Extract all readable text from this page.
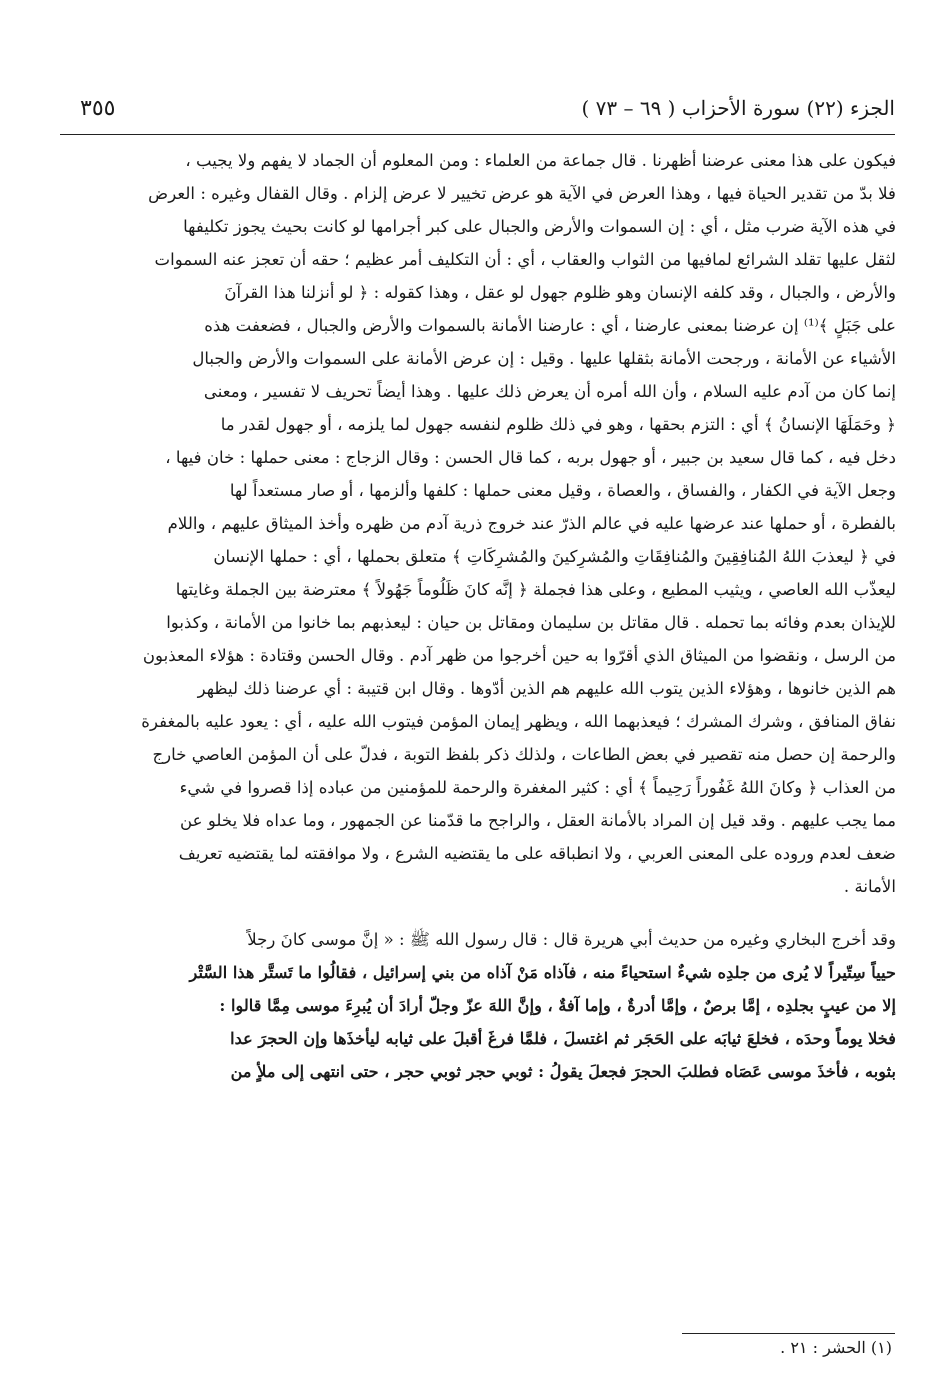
الجزء (٢٢) سورة الأحزاب ( ٦٩ – ٧٣ )
٣٥٥
فيكون على هذا معنى عرضنا أظهرنا . قال جماعة من العلماء : ومن المعلوم أن الجماد لا يفهم ولا يجيب ،
فلا بدّ من تقدير الحياة فيها ، وهذا العرض في الآية هو عرض تخيير لا عرض إلزام . وقال القفال وغيره : العرض
في هذه الآية ضرب مثل ، أي : إن السموات والأرض والجبال على كبر أجرامها لو كانت بحيث يجوز تكليفها
لثقل عليها تقلد الشرائع لمافيها من الثواب والعقاب ، أي : أن التكليف أمر عظيم ؛ حقه أن تعجز عنه السموات
والأرض ، والجبال ، وقد كلفه الإنسان وهو ظلوم جهول لو عقل ، وهذا كقوله : ﴿ لو أنزلنا هذا القرآنَ
على جَبَلٍ ﴾⁽¹⁾ إن عرضنا بمعنى عارضنا ، أي : عارضنا الأمانة بالسموات والأرض والجبال ، فضعفت هذه
الأشياء عن الأمانة ، ورجحت الأمانة بثقلها عليها . وقيل : إن عرض الأمانة على السموات والأرض والجبال
إنما كان من آدم عليه السلام ، وأن الله أمره أن يعرض ذلك عليها . وهذا أيضاً تحريف لا تفسير ، ومعنى
﴿ وحَمَلَهَا الإنسانُ ﴾ أي : التزم بحقها ، وهو في ذلك ظلوم لنفسه جهول لما يلزمه ، أو جهول لقدر ما
دخل فيه ، كما قال سعيد بن جبير ، أو جهول بربه ، كما قال الحسن : وقال الزجاج : معنى حملها : خان فيها ،
وجعل الآية في الكفار ، والفساق ، والعصاة ، وقيل معنى حملها : كلفها وألزمها ، أو صار مستعداً لها
بالفطرة ، أو حملها عند عرضها عليه في عالم الذرّ عند خروج ذرية آدم من ظهره وأخذ الميثاق عليهم ، واللام
في ﴿ ليعذبَ اللهُ المُنافِقِينَ والمُنافِقَاتِ والمُشرِكينَ والمُشرِكَاتِ ﴾ متعلق بحملها ، أي : حملها الإنسان
ليعذّب الله العاصي ، ويثيب المطيع ، وعلى هذا فجملة ﴿ إنَّه كانَ ظَلُوماً جَهُولاً ﴾ معترضة بين الجملة وغايتها
للإيذان بعدم وفائه بما تحمله . قال مقاتل بن سليمان ومقاتل بن حيان : ليعذبهم بما خانوا من الأمانة ، وكذبوا
من الرسل ، ونقضوا من الميثاق الذي أقرّوا به حين أخرجوا من ظهر آدم . وقال الحسن وقتادة : هؤلاء المعذبون
هم الذين خانوها ، وهؤلاء الذين يتوب الله عليهم هم الذين أدّوها . وقال ابن قتيبة : أي عرضنا ذلك ليظهر
نفاق المنافق ، وشرك المشرك ؛ فيعذبهما الله ، ويظهر إيمان المؤمن فيتوب الله عليه ، أي : يعود عليه بالمغفرة
والرحمة إن حصل منه تقصير في بعض الطاعات ، ولذلك ذكر بلفظ التوبة ، فدلّ على أن المؤمن العاصي خارج
من العذاب ﴿ وكانَ اللهُ غَفُوراً رَحِيماً ﴾ أي : كثير المغفرة والرحمة للمؤمنين من عباده إذا قصروا في شيء
مما يجب عليهم . وقد قيل إن المراد بالأمانة العقل ، والراجح ما قدّمنا عن الجمهور ، وما عداه فلا يخلو عن
ضعف لعدم وروده على المعنى العربي ، ولا انطباقه على ما يقتضيه الشرع ، ولا موافقته لما يقتضيه تعريف
الأمانة .
وقد أخرج البخاري وغيره من حديث أبي هريرة قال : قال رسول الله ﷺ : « إنَّ موسى كانَ رجلاً
حيياً سِتّيراً لا يُرى من جلدِه شيءٌ استحياءً منه ، فآذاه مَنْ آذاه من بني إسرائيل ، فقالُوا ما تَستَّر هذا السَّتْر
إلا من عيبٍ بجلدِه ، إمَّا برصٌ ، وإمَّا أدرةٌ ، وإما آفةٌ ، وإنَّ اللهَ عزّ وجلّ أرادَ أن يُبرِءَ موسى مِمَّا قالوا :
فخلا يوماً وحدَه ، فخلعَ ثيابَه على الحَجَر ثم اغتسلَ ، فلمَّا فرغَ أقبلَ على ثيابه ليأخذَها وإن الحجرَ عدا
بثوبه ، فأخذَ موسى عَصَاه فطلبَ الحجرَ فجعلَ يقولُ : ثوبي حجر ثوبي حجر ، حتى انتهى إلى ملأٍ من
(١) الحشر : ٢١ .
